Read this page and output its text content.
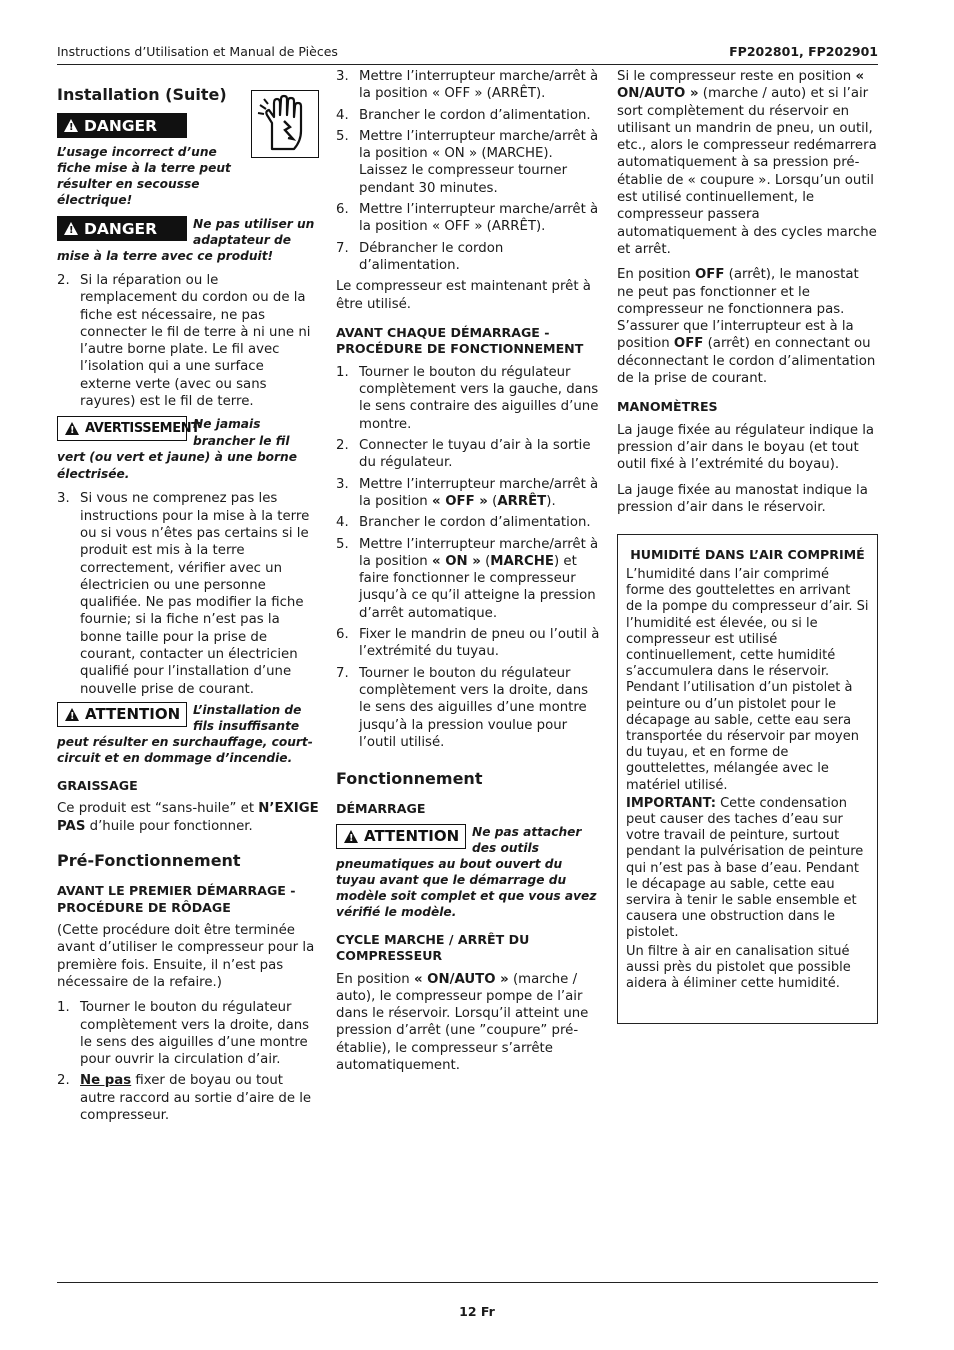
Instructions d’Utilisation et Manual de Pièces	FP202801, FP202901
Installation (Suite)
!
DANGER
L’usage incorrect d’une fiche mise à la terre peut résulter en secousse électrique!
!
DANGER	Ne pas utiliser un adaptateur de mise à la terre avec ce produit!
2. Si la réparation ou le remplacement du cordon ou de la fiche est nécessaire, ne pas connecter le fil de terre à ni une ni l’autre borne plate. Le fil avec l’isolation qui a une surface externe verte (avec ou sans rayures) est le fil de terre.
!
AVERTISSEMENT
Ne jamais brancher le fil vert (ou vert et jaune) à une borne électrisée.
3. Si vous ne comprenez pas les instructions pour la mise à la terre ou si vous n’êtes pas certains si le produit est mis à la terre correctement, vérifier avec un électricien ou une personne qualifiée. Ne pas modifier la fiche fournie; si la fiche n’est pas la bonne taille pour la prise de courant, contacter un électricien qualifié pour l’installation d’une nouvelle prise de courant.
!
ATTENTION L’installation de fils insuffisante peut résulter en surchauffage, court-circuit et en dommage d’incendie.
GRAISSAGE

Ce produit est “sans-huile” et N’EXIGE PAS d’huile pour fonctionner.

Pré-Fonctionnement
AVANT LE PREMIER DÉMARRAGE - PROCÉDURE DE RÔDAGE

(Cette procédure doit être terminée avant d’utiliser le compresseur pour la première fois. Ensuite, il n’est pas nécessaire de la refaire.)

1. Tourner le bouton du régulateur complètement vers la droite, dans le sens des aiguilles d’une montre pour ouvrir la circulation d’air.
2. Ne pas fixer de boyau ou tout autre raccord au sortie d’aire de le compresseur.
3. Mettre l’interrupteur marche/arrêt à la position « OFF » (ARRÊT).
4. Brancher le cordon d’alimentation.
5. Mettre l’interrupteur marche/arrêt à la position « ON » (MARCHE). Laissez le compresseur tourner pendant 30 minutes.
6. Mettre l’interrupteur marche/arrêt à la position « OFF » (ARRÊT).
7. Débrancher le cordon d’alimentation.

Le compresseur est maintenant prêt à être utilisé.

AVANT CHAQUE DÉMARRAGE - PROCÉDURE DE FONCTIONNEMENT
1. Tourner le bouton du régulateur complètement vers la gauche, dans le sens contraire des aiguilles d’une montre.
2. Connecter le tuyau d’air à la sortie du régulateur.
3. Mettre l’interrupteur marche/arrêt à la position « OFF » (ARRÊT).
4. Brancher le cordon d’alimentation.
5. Mettre l’interrupteur marche/arrêt à la position « ON » (MARCHE) et faire fonctionner le compresseur jusqu’à ce qu’il atteigne la pression d’arrêt automatique.
6. Fixer le mandrin de pneu ou l’outil à l’extrémité du tuyau.
7. Tourner le bouton du régulateur complètement vers la droite, dans le sens des aiguilles d’une montre jusqu’à la pression voulue pour l’outil utilisé.
Fonctionnement
DÉMARRAGE
!
ATTENTION Ne pas attacher des outils pneumatiques au bout ouvert du tuyau avant que le démarrage du modèle soit complet et que vous avez vérifié le modèle.
CYCLE MARCHE / ARRÊT DU COMPRESSEUR

En position « ON/AUTO » (marche / auto), le compresseur pompe de l’air dans le réservoir. Lorsqu’il atteint une pression d’arrêt (une ”coupure” pré-établie), le compresseur s’arrête automatiquement.

Si le compresseur reste en position « ON/AUTO » (marche / auto) et si l’air sort complètement du réservoir en utilisant un mandrin de pneu, un outil, etc., alors le compresseur redémarrera automatiquement à sa pression pré-établie de « coupure ». Lorsqu’un outil est utilisé continuellement, le compresseur passera automatiquement à des cycles marche et arrêt.

En position OFF (arrêt), le manostat ne peut pas fonctionner et le compresseur ne fonctionnera pas. S’assurer que l’interrupteur est à la position OFF (arrêt) en connectant ou déconnectant le cordon d’alimentation de la prise de courant.

MANOMÈTRES

La jauge fixée au régulateur indique la pression d’air dans le boyau (et tout outil fixé à l’extrémité du boyau).

La jauge fixée au manostat indique la pression d’air dans le réservoir.

HUMIDITÉ DANS L’AIR COMPRIMÉ

L’humidité dans l’air comprimé forme des gouttelettes en arrivant de la pompe du compresseur d’air. Si l’humidité est élevée, ou si le compresseur est utilisé continuellement, cette humidité s’accumulera dans le réservoir. Pendant l’utilisation d’un pistolet à peinture ou d’un pistolet pour le décapage au sable, cette eau sera transportée du réservoir par moyen du tuyau, et en forme de gouttelettes, mélangée avec le matériel utilisé.

IMPORTANT: Cette condensation peut causer des taches d’eau sur votre travail de peinture, surtout pendant la pulvérisation de peinture qui n’est pas à base d’eau. Pendant le décapage au sable, cette eau servira à tenir le sable ensemble et causera une obstruction dans le pistolet.

Un filtre à air en canalisation situé aussi près du pistolet que possible aidera à éliminer cette humidité.

12 Fr
